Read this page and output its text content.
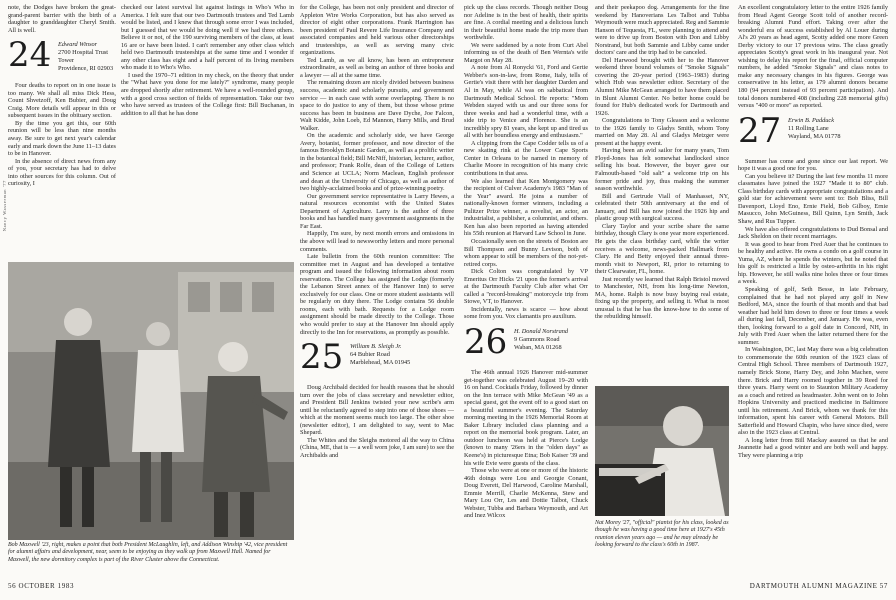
Nancy Wasserman '77

note, the Dodges have broken the great-grand-parent barrier with the birth of a daughter to granddaughter Cheryl Smith. All is well.

24 Edward Winsor
2700 Hospital Trust Tower
Providence, RI 02903

Four deaths to report on in one issue is too many. We shall all miss Dick Hess, Count Shvetzoff, Ken Bubier, and Doug Craig. More details will appear in this or subsequent issues in the obituary section.

By the time you get this, our 60th reunion will be less than nine months away. Be sure to get next year's calendar early and mark down the June 11–13 dates to be in Hanover.

In the absence of direct news from any of you, your secretary has had to delve into other sources for this column. Out of curiosity, I

checked our latest survival list against listings in Who's Who in America. I felt sure that our two Dartmouth trustees and Ted Lamb would be listed, and I knew that through some error I was included, but I guessed that we would be doing well if we had three others. Believe it or not, of the 190 surviving members of the class, at least 16 are or have been listed. I can't remember any other class which held two Dartmouth trusteeships at the same time and I wonder if any other class has eight and a half percent of its living members who made it to Who's Who.

I used the 1970–71 edition in my check, on the theory that under the "What have you done for me lately?" syndrome, many people are dropped shortly after retirement. We have a well-rounded group, with a good cross section of fields of representation. Take our two who have served as trustees of the College first: Bill Buchanan, in addition to all that he has done

Bob Maxwell '23, right, makes a point that both President McLaughlin, left, and Addison Winship '42, vice president for alumni affairs and development, near, seem to be enjoying as they walk up from Maxwell Hall. Named for Maxwell, the new dormitory complex is part of the River Cluster above the Connecticut.
56 OCTOBER 1983

for the College, has been not only president and director of Appleton Wire Works Corporation, but has also served as director of eight other corporations. Frank Harrington has been president of Paul Revere Life Insurance Company and associated companies and held various other directorships and trusteeships, as well as serving many civic organizations.

Ted Lamb, as we all know, has been an entrepreneur extraordinaire, as well as being an author of three books and a lawyer — all at the same time.

The remaining dozen are nicely divided between business success, academic and scholarly pursuits, and government service — in each case with some overlapping. There is no space to do justice to any of them, but those whose prime success has been in business are Dave Dyche, Joe Falcon, Walt Kidde, John Loeb, Ed Mannon, Harry Mills, and Brud Walker.

On the academic and scholarly side, we have George Avery, botanist, former professor, and now director of the famous Brooklyn Botanic Garden, as well as a prolific writer in the botanical field; Bill McNiff, historian, lecturer, author, and professor; Frank Rolfe, dean of the College of Letters and Science at UCLA; Norm Maclean, English professor and dean at the University of Chicago, as well as author of two highly-acclaimed books and of prize-winning poetry.

Our government service representative is Larry Hewes, a natural resources economist with the United States Department of Agriculture. Larry is the author of three books and has handled many government assignments in the Far East.

Happily, I'm sure, by next month errors and omissions in the above will lead to newsworthy letters and more personal comments.

Late bulletin from the 60th reunion committee: The committee met in August and has developed a tentative program and issued the following information about room reservations. The College has assigned the Lodge (formerly the Lebanon Street annex of the Hanover Inn) to serve exclusively for our class. One or more student assistants will be regularly on duty there. The Lodge contains 56 double rooms, each with bath. Requests for a Lodge room assignment should be made directly to the College. Those who would prefer to stay at the Hanover Inn should apply directly to the Inn for reservations, as promptly as possible.

25 William B. Sleigh Jr.
64 Bubier Road
Marblehead, MA 01945

Doug Archibald decided for health reasons that he should turn over the jobs of class secretary and newsletter editor, and President Bill Jenkins twisted your new scribe's arm until he reluctantly agreed to step into one of those shoes — which at the moment seems much too large. The other shoe (newsletter editor), I am delighted to say, went to Mac Shepard.

The Whites and the Sleighs motored all the way to China (China, ME, that is — a well worn joke, I am sure) to see the Archibalds and

pick up the class records. Though neither Doug nor Adeline is in the best of health, their spirits are fine. A cordial meeting and a delicious lunch in their beautiful home made the trip more than worthwhile.

We were saddened by a note from Curt Abel informing us of the death of Ben Wernta's wife Margot on May 28.

A note from Al Ronycki '61, Ford and Gertie Webber's son-in-law, from Rome, Italy, tells of Gertie's visit there with her daughter Darden and Al in May, while Al was on sabbatical from Dartmouth Medical School. He reports: "Mom Webden stayed with us and our three sons for three weeks and had a wonderful time, with a side trip to Venice and Florence. She is an incredibly spry 81 years, she kept up and tired us all with her boundless energy and enthusiasm."

A clipping from the Cape Codder tells us of a new skating rink at the Lower Cape Sports Center in Orleans to be named in memory of Charlie Moore in recognition of his many civic contributions in that area.

We also learned that Ken Montgomery was the recipient of Culver Academy's 1983 "Man of the Year" award. He joins a number of nationally-known former winners, including a Pulitzer Prize winner, a novelist, an actor, an industrialist, a publisher, a columnist, and others. Ken has also been reported as having attended his 55th reunion at Harvard Law School in June.

Occasionally seen on the streets of Boston are Bill Thompson and Bunny Levison, both of whom appear to still be members of the not-yet-retired corps.

Dick Colton was congratulated by VP Emeritus Orr Hicks '21 upon the former's arrival at the Dartmouth Faculty Club after what Orr called a "record-breaking" motorcycle trip from Stowe, VT, to Hanover.

Incidentally, news is scarce — how about some from you. Vox clamantis pro auxilium.

26 H. Donald Norstrand
9 Gammons Road
Waban, MA 01268

The 46th annual 1926 Hanover mid-summer get-together was celebrated August 19–20 with 16 on hand. Cocktails Friday, followed by dinner on the Inn terrace with Mike McGean '49 as a special guest, got the event off to a good start on a beautiful summer's evening. The Saturday morning meeting in the 1926 Memorial Room at Baker Library included class planning and a report on the memorial book program. Later, an outdoor luncheon was held at Pierce's Lodge (known to many '26ers in the "olden days" as Keene's) in picturesque Etna; Bob Kaiser '39 and his wife Evie were guests of the class.

Those who were at one or more of the historic 46th doings were Lou and Georgie Conant, Doug Everett, Del Harwood, Caroline Marshall, Emmie Merrill, Charlie McKenna, Stew and Mary Lou Orr, Les and Dottie Talbot, Chuck Webster, Tubba and Barbara Weymouth, and Art and Inez Wilcox

and their peekapoo dog. Arrangements for the fine weekend by Hanoverians Les Talbot and Tubba Weymouth were much appreciated. Reg and Sammie Hanson of Tequesta, FL, were planning to attend and were to drive up from Boston with Don and Libby Norstrand, but both Sammie and Libby came under doctors' care and the trip had to be canceled.

Del Harwood brought with her to the Hanover weekend three bound volumes of "Smoke Signals" covering the 20-year period (1963–1983) during which Hub was newsletter editor. Secretary of the Alumni Mike McGean arranged to have them placed in Blunt Alumni Center. No better home could be found for Hub's dedicated work for Dartmouth and 1926.

Congratulations to Tony Gleason and a welcome to the 1926 family to Gladys Smith, whom Tony married on May 28. Al and Gladys Metzger were present at the happy event.

Having been an avid sailor for many years, Tom Floyd-Jones has felt somewhat landlocked since selling his boat. However, the buyer gave our Falmouth-based "old salt" a welcome trip on his former pride and joy, thus making the summer season worthwhile.

Bill and Gertrude Viall of Manhasset, NY, celebrated their 50th anniversary at the end of January, and Bill has now joined the 1926 hip and plastic group with surgical success.

Clary Taylor and your scribe share the same birthday, though Clary is one year more experienced. He gets the class birthday card, while the writer receives a welcome, news-packed Hallmark from Clary. He and Betty enjoyed their annual three-month visit to Newport, RI, prior to returning to their Clearwater, FL, home.

Just recently we learned that Ralph Bristol moved to Manchester, NH, from his long-time Newton, MA, home. Ralph is now busy buying real estate, fixing up the property, and selling it. What is most unusual is that he has the know-how to do some of the rebuilding himself.

Nat Morey '27, "official" pianist for his class, looked as though he was having a good time here at 1927's 45th reunion eleven years ago — and he may already be looking forward to the class's 60th in 1987.

An excellent congratulatory letter to the entire 1926 family from Head Agent George Scott told of another record-breaking Alumni Fund effort. Taking over after the wonderful era of success established by Al Louer during Al's 20 years as head agent, Scotty added one more Green Derby victory to our 17 previous wins. The class greatly appreciates Scotty's great work in his inaugural year. Not wishing to delay his report for the final, official computer numbers, he added "Smoke Signals" and class notes to make any necessary changes in his figures. George was conservative in his letter, as 179 alumni donors became 180 (94 percent instead of 93 percent participation). And total donors numbered 408 (including 228 memorial gifts) versus "400 or more" as reported.

27 Erwin B. Padduck
11 Rolling Lane
Wayland, MA 01778

Summer has come and gone since our last report. We hope it was a good one for you.

Can you believe it? During the last few months 11 more classmates have joined the 1927 "Made it to 80" club. Class birthday cards with appropriate congratulations and a gold star for achievement were sent to: Bob Bliss, Bill Davenport, Lloyd Eno, Ernie Field, Bob Gilboy, Ernie Masucco, John McGuiness, Bill Quinn, Lyn Smith, Jack Shaw, and Rus Tupper.

We have also offered congratulations to Dud Bonsal and Jack Sheldon on their recent marriages.

It was good to hear from Fred Auer that he continues to be healthy and active. He owns a condo on a golf course in Yuma, AZ, where he spends the winters, but he noted that his golf is restricted a little by osteo-arthritis in his right hip. However, he still walks nine holes three or four times a week.

Speaking of golf, Seth Besse, in late February, complained that he had not played any golf in New Bedford, MA, since the fourth of that month and that bad weather had held him down to three or four times a week all during last fall, December, and January. He was, even then, looking forward to a golf date in Concord, NH, in July with Fred Auer when the latter returned there for the summer.

In Washington, DC, last May there was a big celebration to commemorate the 60th reunion of the 1923 class of Central High School. Three members of Dartmouth 1927, namely Brick Stone, Harry Dey, and John Machen, were there. Brick and Harry roomed together in 39 Reed for three years. Harry went on to Staunton Military Academy as a coach and retired as headmaster. John went on to John Hopkins University and practiced medicine in Baltimore until his retirement. And Brick, whom we thank for this information, spent his career with General Motors. Bill Satterfield and Howard Chapin, who have since died, were also in the 1923 class at Central.

A long letter from Bill Mackay assured us that he and Jeannette had a good winter and are both well and happy. They were planning a trip

DARTMOUTH ALUMNI MAGAZINE 57
